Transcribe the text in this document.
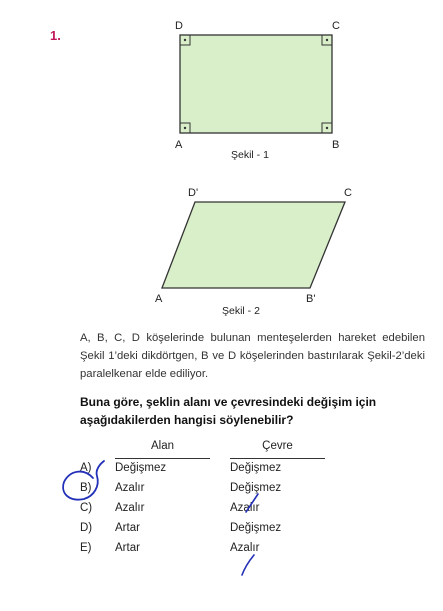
1.
D	C
A	B
Şekil - 1
D'	C
A	B'
Şekil - 2

A, B, C, D köşelerinde bulunan menteşelerden hareket edebilen Şekil 1’deki dikdörtgen, B ve D köşelerinden bastırılarak Şekil-2’deki paralelkenar elde ediliyor.

Buna göre, şeklin alanı ve çevresindeki değişim için aşağıdakilerden hangisi söylenebilir?

Alan	Çevre
A) Değişmez	Değişmez
B) Azalır	Değişmez
C) Azalır	Azalır
D) Artar	Değişmez
E) Artar	Azalır
